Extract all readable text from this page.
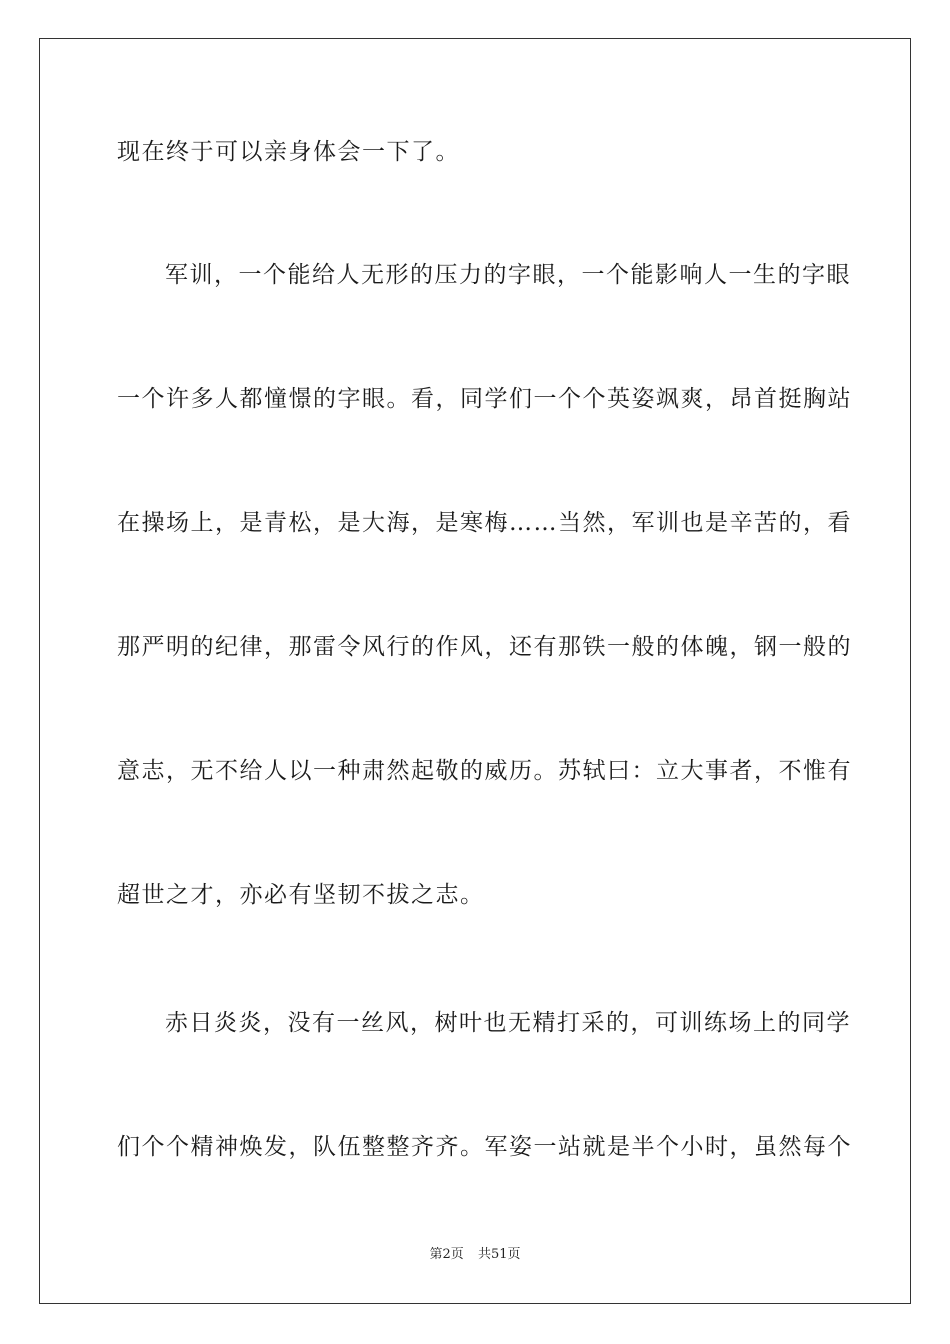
现在终于可以亲身体会一下了。
军训，一个能给人无形的压力的字眼，一个能影响人一生的字眼
一个许多人都憧憬的字眼。看，同学们一个个英姿飒爽，昂首挺胸站
在操场上，是青松，是大海，是寒梅……当然，军训也是辛苦的，看
那严明的纪律，那雷令风行的作风，还有那铁一般的体魄，钢一般的
意志，无不给人以一种肃然起敬的威历。苏轼曰：立大事者，不惟有
超世之才，亦必有坚韧不拔之志。
赤日炎炎，没有一丝风，树叶也无精打采的，可训练场上的同学
们个个精神焕发，队伍整整齐齐。军姿一站就是半个小时，虽然每个
第2页 共51页
